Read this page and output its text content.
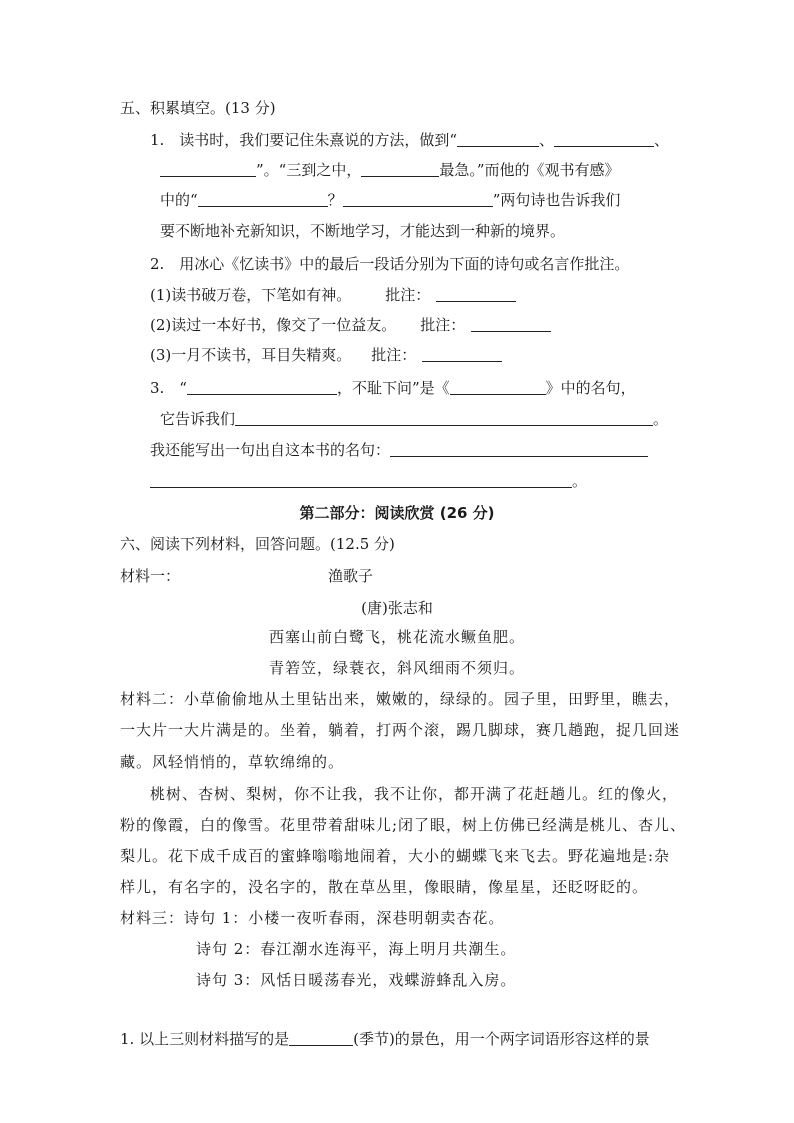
五、积累填空。(13 分)
1.　读书时，我们要记住朱熹说的方法，做到“	、	、
”。“三到之中，	最急。”而他的《观书有感》
中的“	？	”两句诗也告诉我们
要不断地补充新知识，不断地学习，才能达到一种新的境界。
2.　用冰心《忆读书》中的最后一段话分别为下面的诗句或名言作批注。
(1)读书破万卷，下笔如有神。 批注：
(2)读过一本好书，像交了一位益友。 批注：
(3)一月不读书，耳目失精爽。 批注：
3.　“	，不耻下问”是《	》中的名句，
它告诉我们	。
我还能写出一句出自这本书的名句：
。
第二部分：阅读欣赏 (26 分)
六、阅读下列材料，回答问题。(12.5 分)
材料一：	渔歌子
(唐)张志和
西塞山前白鹭飞，桃花流水鳜鱼肥。
青箬笠，绿蓑衣，斜风细雨不须归。
材料二：小草偷偷地从土里钻出来，嫩嫩的，绿绿的。园子里，田野里，瞧去，
一大片一大片满是的。坐着，躺着，打两个滚，踢几脚球，赛几趟跑，捉几回迷
藏。风轻悄悄的，草软绵绵的。
桃树、杏树、梨树，你不让我，我不让你，都开满了花赶趟儿。红的像火，
粉的像霞，白的像雪。花里带着甜味儿;闭了眼，树上仿佛已经满是桃儿、杏儿、
梨儿。花下成千成百的蜜蜂嗡嗡地闹着，大小的蝴蝶飞来飞去。野花遍地是:杂
样儿，有名字的，没名字的，散在草丛里，像眼睛，像星星，还眨呀眨的。
材料三：诗句 1：小楼一夜听春雨，深巷明朝卖杏花。
诗句 2：春江潮水连海平，海上明月共潮生。
诗句 3：风恬日暖荡春光，戏蝶游蜂乱入房。
1. 以上三则材料描写的是	(季节)的景色，用一个两字词语形容这样的景
